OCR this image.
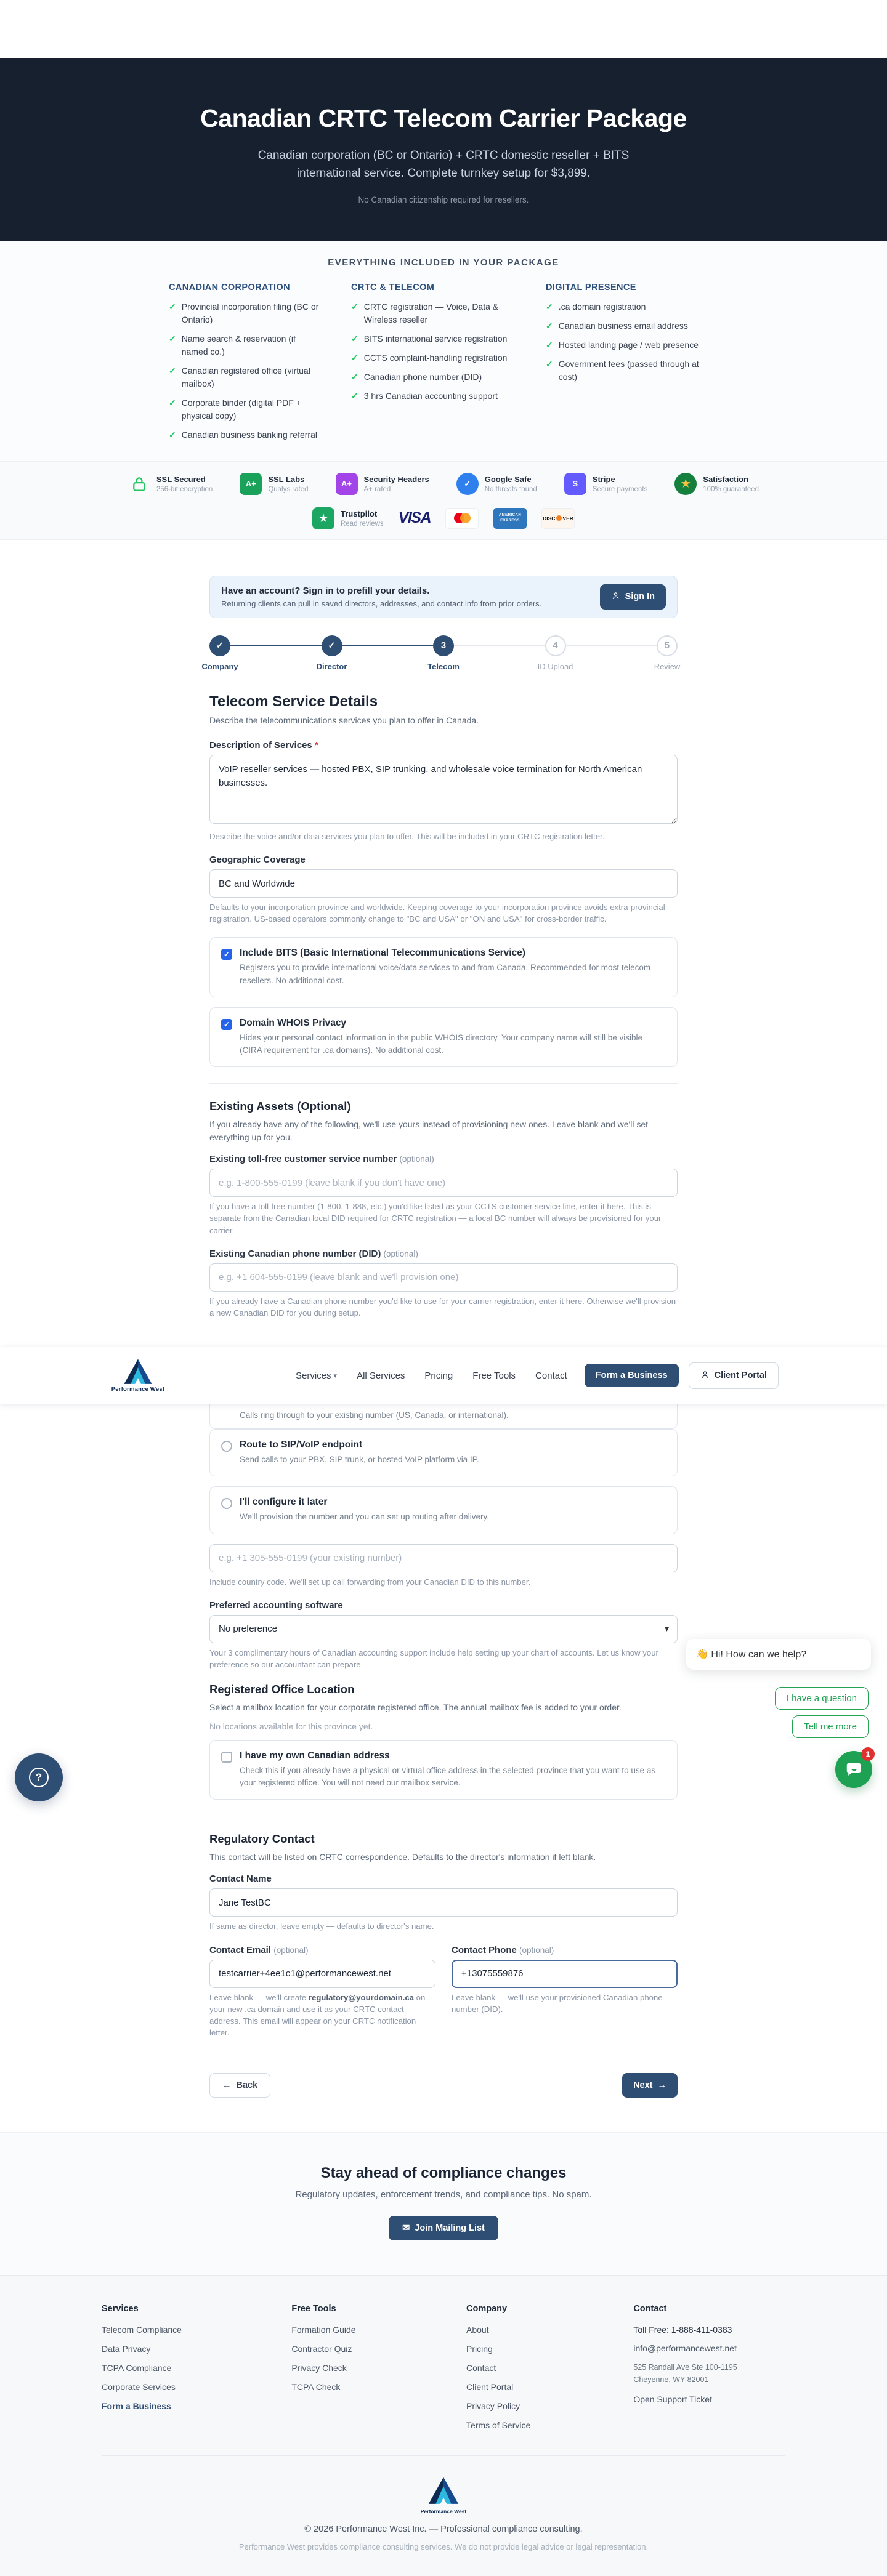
Canadian CRTC Telecom Carrier Package

Canadian corporation (BC or Ontario) + CRTC domestic reseller + BITS international service. Complete turnkey setup for $3,899.

No Canadian citizenship required for resellers.
EVERYTHING INCLUDED IN YOUR PACKAGE
CANADIAN CORPORATION
✓ Provincial incorporation filing (BC or Ontario)
✓ Name search & reservation (if named co.)
✓ Canadian registered office (virtual mailbox)
✓ Corporate binder (digital PDF + physical copy)
✓ Canadian business banking referral
CRTC & TELECOM
✓ CRTC registration — Voice, Data & Wireless reseller
✓ BITS international service registration
✓ CCTS complaint-handling registration
✓ Canadian phone number (DID)
✓ 3 hrs Canadian accounting support
DIGITAL PRESENCE
✓ .ca domain registration
✓ Canadian business email address
✓ Hosted landing page / web presence
✓ Government fees (passed through at cost)
SSL Secured
256-bit encryption
A+	SSL Labs
Qualys rated
A+	Security Headers
A+ rated
✓	Google Safe
No threats found
S	Stripe
Secure payments	★	Satisfaction
100% guaranteed
★	Trustpilot
Read reviews VISA	AMERICAN
EXPRESS	DISC VER
Have an account? Sign in to prefill your details.
Returning clients can pull in saved directors, addresses, and contact info from prior orders.
Sign In
✓
Company
✓
Director
3
Telecom
4
ID Upload
5
Review
Telecom Service Details

Describe the telecommunications services you plan to offer in Canada.

Description of Services *
VoIP reseller services — hosted PBX, SIP trunking, and wholesale voice termination for North American businesses.
Describe the voice and/or data services you plan to offer. This will be included in your CRTC registration letter.
Geographic Coverage
BC and Worldwide
Defaults to your incorporation province and worldwide. Keeping coverage to your incorporation province avoids extra-provincial registration. US-based operators commonly change to "BC and USA" or "ON and USA" for cross-border traffic.
✓ Include BITS (Basic International Telecommunications Service)
Registers you to provide international voice/data services to and from Canada. Recommended for most telecom resellers. No additional cost.
✓ Domain WHOIS Privacy
Hides your personal contact information in the public WHOIS directory. Your company name will still be visible (CIRA requirement for .ca domains). No additional cost.
Existing Assets (Optional)

If you already have any of the following, we'll use yours instead of provisioning new ones. Leave blank and we'll set everything up for you.

Existing toll-free customer service number (optional)
e.g. 1-800-555-0199 (leave blank if you don't have one)
If you have a toll-free number (1-800, 1-888, etc.) you'd like listed as your CCTS customer service line, enter it here. This is separate from the Canadian local DID required for CRTC registration — a local BC number will always be provisioned for your carrier.
Existing Canadian phone number (DID) (optional)
e.g. +1 604-555-0199 (leave blank and we'll provision one)
If you already have a Canadian phone number you'd like to use for your carrier registration, enter it here. Otherwise we'll provision a new Canadian DID for you during setup.
Performance West
Services ▾ All Services Pricing Free Tools Contact	Form a Business	Client Portal
Calls ring through to your existing number (US, Canada, or international).
Route to SIP/VoIP endpoint
Send calls to your PBX, SIP trunk, or hosted VoIP platform via IP.
I'll configure it later
We'll provision the number and you can set up routing after delivery.
e.g. +1 305-555-0199 (your existing number)
Include country code. We'll set up call forwarding from your Canadian DID to this number.
Preferred accounting software
No preference	▾
Your 3 complimentary hours of Canadian accounting support include help setting up your chart of accounts. Let us know your preference so our accountant can prepare.
Registered Office Location

Select a mailbox location for your corporate registered office. The annual mailbox fee is added to your order.

No locations available for this province yet.

I have my own Canadian address
Check this if you already have a physical or virtual office address in the selected province that you want to use as your registered office. You will not need our mailbox service.
Regulatory Contact

This contact will be listed on CRTC correspondence. Defaults to the director's information if left blank.

Contact Name
Jane TestBC
If same as director, leave empty — defaults to director's name.
Contact Email (optional)
testcarrier+4ee1c1@performancewest.net
Leave blank — we'll create regulatory@yourdomain.ca on your new .ca domain and use it as your CRTC contact address. This email will appear on your CRTC notification letter.
Contact Phone (optional)
+13075559876
Leave blank — we'll use your provisioned Canadian phone number (DID).
← Back	Next →
Stay ahead of compliance changes

Regulatory updates, enforcement trends, and compliance tips. No spam.

✉ Join Mailing List
Services
Telecom Compliance
Data Privacy
TCPA Compliance
Corporate Services
Form a Business
Free Tools
Formation Guide
Contractor Quiz
Privacy Check
TCPA Check
Company
About
Pricing
Contact
Client Portal
Privacy Policy
Terms of Service
Contact
Toll Free: 1-888-411-0383
info@performancewest.net
525 Randall Ave Ste 100-1195
Cheyenne, WY 82001
Open Support Ticket
Performance West
© 2026 Performance West Inc. — Professional compliance consulting.
Performance West provides compliance consulting services. We do not provide legal advice or legal representation.
?
👋 Hi! How can we help?
I have a question
Tell me more
1
